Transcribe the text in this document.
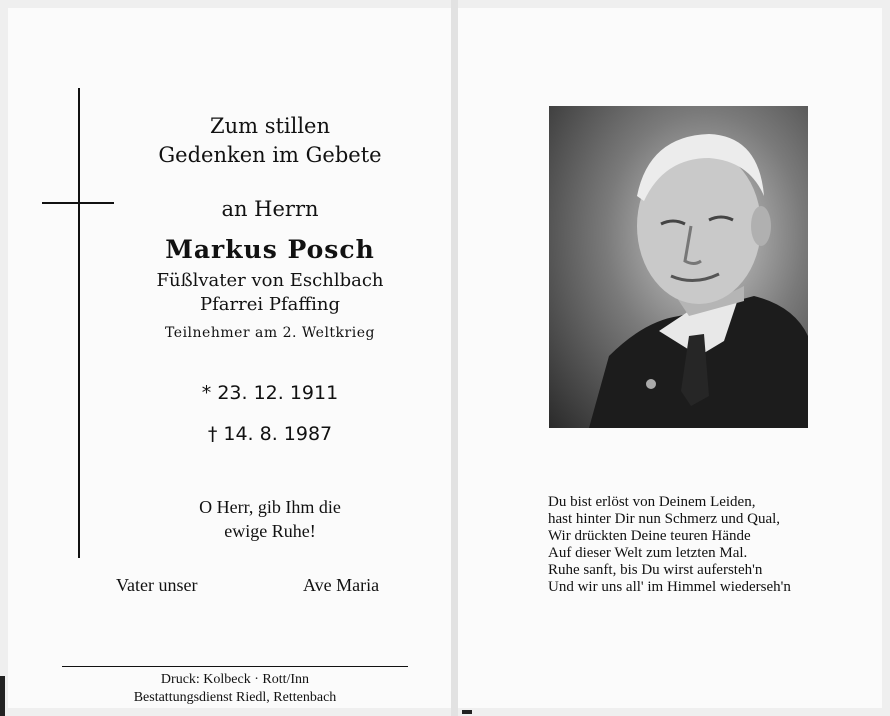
Zum stillen
Gedenken im Gebete
an Herrn
Markus Posch
Füßlvater von Eschlbach
Pfarrei Pfaffing
Teilnehmer am 2. Weltkrieg
* 23. 12. 1911
† 14. 8. 1987
O Herr, gib Ihm die
ewige Ruhe!
Vater unser	Ave Maria
Druck: Kolbeck · Rott/Inn
Bestattungsdienst Riedl, Rettenbach
Du bist erlöst von Deinem Leiden,
hast hinter Dir nun Schmerz und Qual,
Wir drückten Deine teuren Hände
Auf dieser Welt zum letzten Mal.
Ruhe sanft, bis Du wirst aufersteh'n
Und wir uns all' im Himmel wiederseh'n
